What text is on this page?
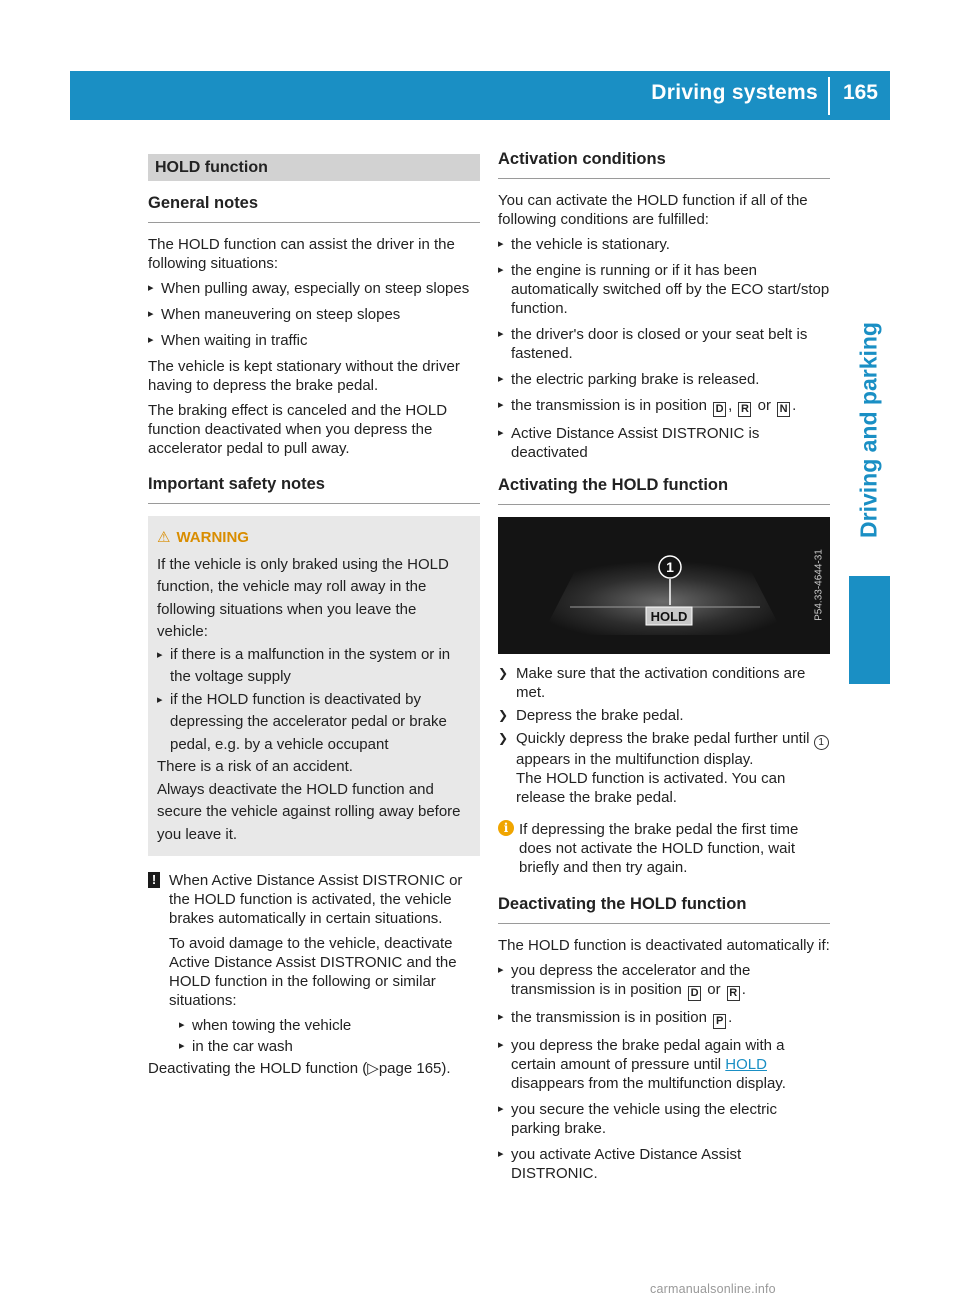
Driving systems 165
Driving and parking
HOLD function
General notes

The HOLD function can assist the driver in the following situations:

▸ When pulling away, especially on steep slopes
▸ When maneuvering on steep slopes
▸ When waiting in traffic

The vehicle is kept stationary without the driver having to depress the brake pedal.

The braking effect is canceled and the HOLD function deactivated when you depress the accelerator pedal to pull away.

Important safety notes
⚠ WARNING

If the vehicle is only braked using the HOLD function, the vehicle may roll away in the following situations when you leave the vehicle:

▸ if there is a malfunction in the system or in the voltage supply
▸ if the HOLD function is deactivated by depressing the accelerator pedal or brake pedal, e.g. by a vehicle occupant

There is a risk of an accident.

Always deactivate the HOLD function and secure the vehicle against rolling away before you leave it.

! When Active Distance Assist DISTRONIC or the HOLD function is activated, the vehicle brakes automatically in certain situations.

To avoid damage to the vehicle, deactivate Active Distance Assist DISTRONIC and the HOLD function in the following or similar situations:

▸ when towing the vehicle
▸ in the car wash

Deactivating the HOLD function (▷page 165).

Activation conditions

You can activate the HOLD function if all of the following conditions are fulfilled:

▸ the vehicle is stationary.
▸ the engine is running or if it has been automatically switched off by the ECO start/stop function.
▸ the driver's door is closed or your seat belt is fastened.
▸ the electric parking brake is released.
▸ the transmission is in position D , R or N .
▸ Active Distance Assist DISTRONIC is deactivated
Activating the HOLD function
1
HOLD	P54.33-4644-31
❯ Make sure that the activation conditions are met.
❯ Depress the brake pedal.
❯ Quickly depress the brake pedal further until 1 appears in the multifunction display.
The HOLD function is activated. You can release the brake pedal.
i If depressing the brake pedal the first time does not activate the HOLD function, wait briefly and then try again.

Deactivating the HOLD function

The HOLD function is deactivated automatically if:

▸ you depress the accelerator and the transmission is in position D or R .
▸ the transmission is in position P .
▸ you depress the brake pedal again with a certain amount of pressure until HOLD disappears from the multifunction display.
▸ you secure the vehicle using the electric parking brake.
▸ you activate Active Distance Assist DISTRONIC.
carmanualsonline.info
